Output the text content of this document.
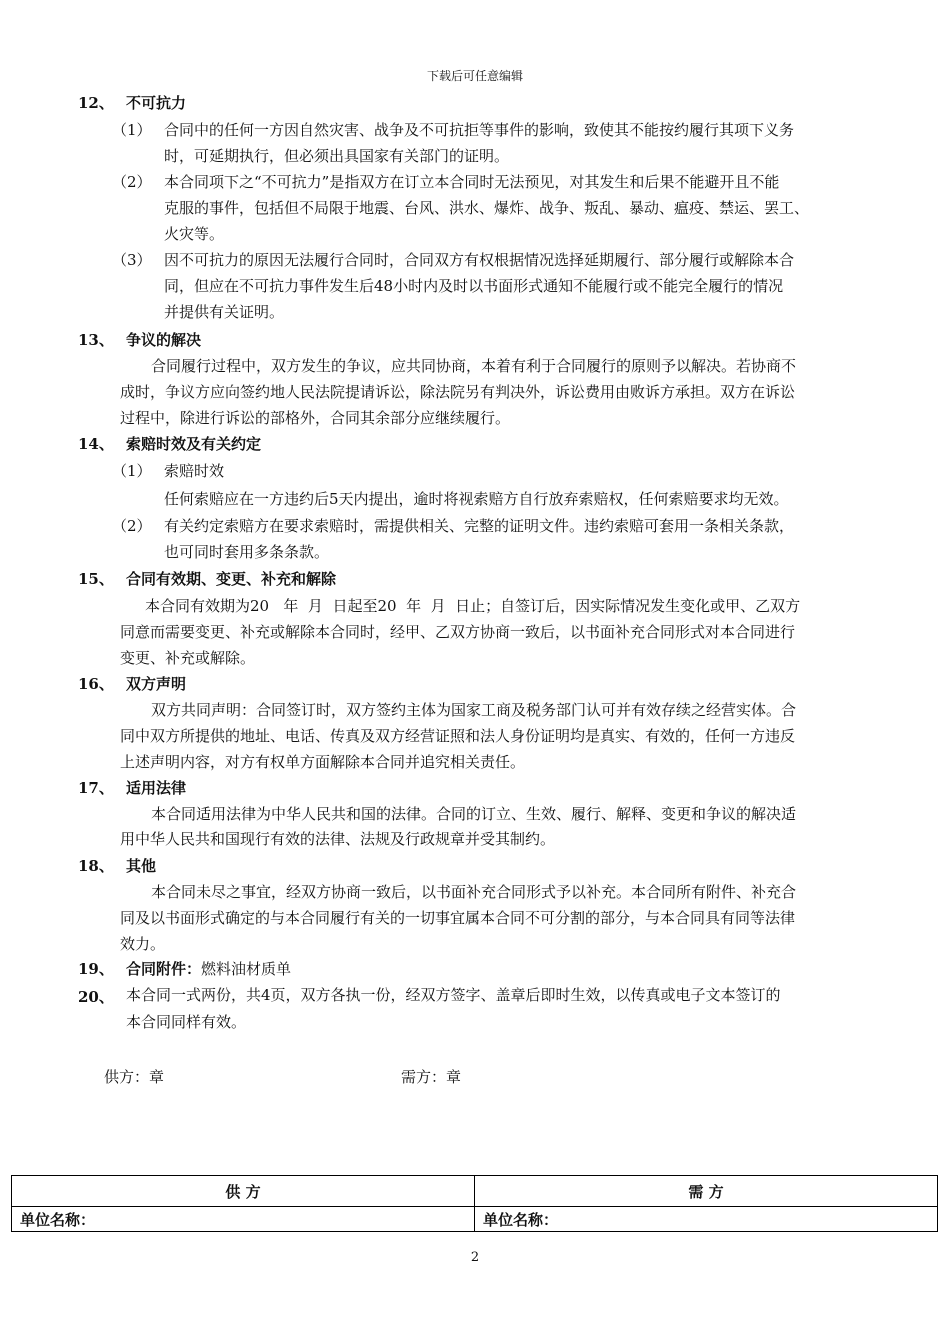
下载后可任意编辑
12、 不可抗力
（1） 合同中的任何一方因自然灾害、战争及不可抗拒等事件的影响，致使其不能按约履行其项下义务
时，可延期执行，但必须出具国家有关部门的证明。
（2） 本合同项下之“不可抗力”是指双方在订立本合同时无法预见，对其发生和后果不能避开且不能
克服的事件，包括但不局限于地震、台风、洪水、爆炸、战争、叛乱、暴动、瘟疫、禁运、罢工、
火灾等。
（3） 因不可抗力的原因无法履行合同时，合同双方有权根据情况选择延期履行、部分履行或解除本合
同，但应在不可抗力事件发生后48小时内及时以书面形式通知不能履行或不能完全履行的情况
并提供有关证明。
13、 争议的解决
合同履行过程中，双方发生的争议，应共同协商，本着有利于合同履行的原则予以解决。若协商不
成时，争议方应向签约地人民法院提请诉讼，除法院另有判决外，诉讼费用由败诉方承担。双方在诉讼
过程中，除进行诉讼的部格外，合同其余部分应继续履行。
14、 索赔时效及有关约定
（1） 索赔时效
任何索赔应在一方违约后5天内提出，逾时将视索赔方自行放弃索赔权，任何索赔要求均无效。
（2） 有关约定索赔方在要求索赔时，需提供相关、完整的证明文件。违约索赔可套用一条相关条款，
也可同时套用多条条款。
15、 合同有效期、变更、补充和解除
本合同有效期为20   年  月  日起至20  年  月  日止；自签订后，因实际情况发生变化或甲、乙双方
同意而需要变更、补充或解除本合同时，经甲、乙双方协商一致后，以书面补充合同形式对本合同进行
变更、补充或解除。
16、 双方声明
双方共同声明：合同签订时，双方签约主体为国家工商及税务部门认可并有效存续之经营实体。合
同中双方所提供的地址、电话、传真及双方经营证照和法人身份证明均是真实、有效的，任何一方违反
上述声明内容，对方有权单方面解除本合同并追究相关责任。
17、 适用法律
本合同适用法律为中华人民共和国的法律。合同的订立、生效、履行、解释、变更和争议的解决适
用中华人民共和国现行有效的法律、法规及行政规章并受其制约。
18、 其他
本合同未尽之事宜，经双方协商一致后，以书面补充合同形式予以补充。本合同所有附件、补充合
同及以书面形式确定的与本合同履行有关的一切事宜属本合同不可分割的部分，与本合同具有同等法律
效力。
19、 合同附件：燃料油材质单
20、 本合同一式两份，共4页，双方各执一份，经双方签字、盖章后即时生效，以传真或电子文本签订的
本合同同样有效。
供方：章	需方：章
供 方	需 方
单位名称：	单位名称：
2
